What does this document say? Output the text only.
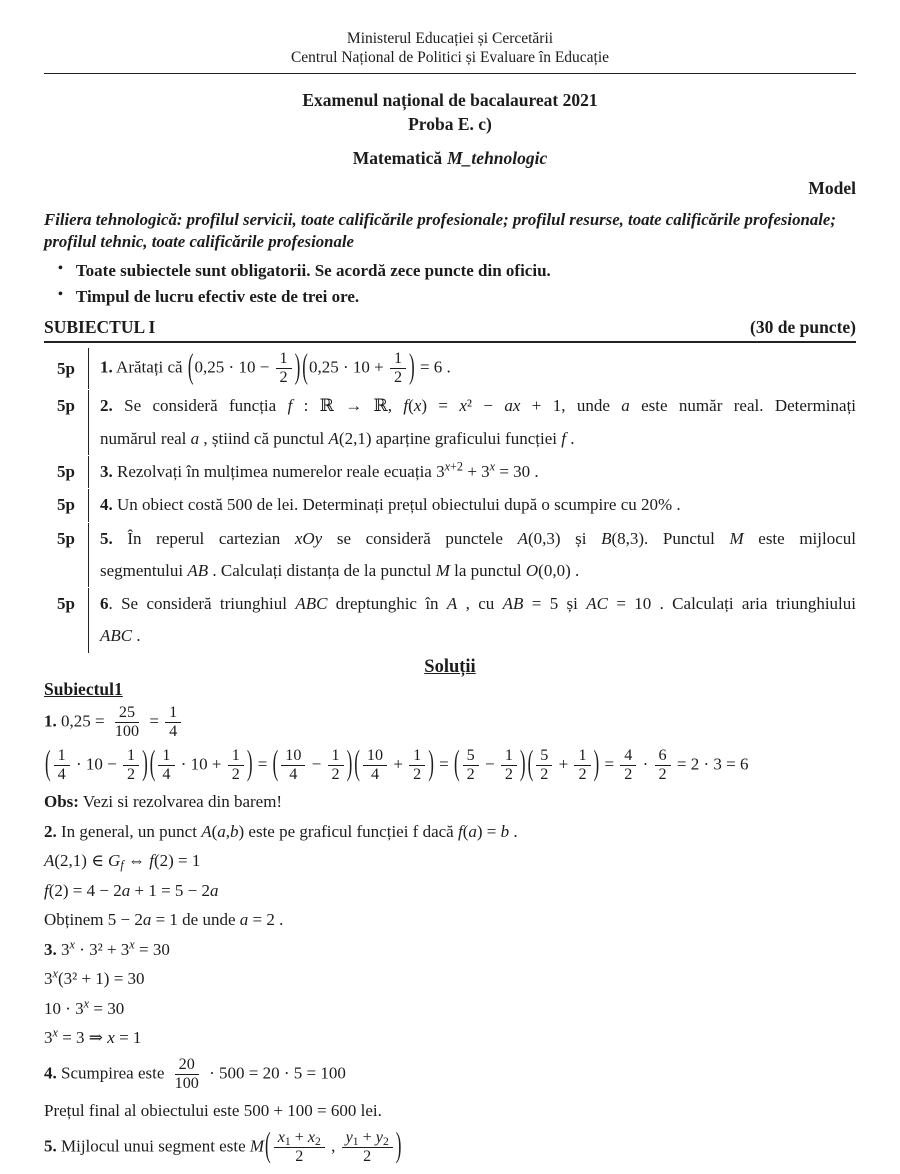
Ministerul Educației și Cercetării
Centrul Național de Politici și Evaluare în Educație
Examenul național de bacalaureat 2021
Proba E. c)
Matematică M_tehnologic
Model
Filiera tehnologică: profilul servicii, toate calificările profesionale; profilul resurse, toate calificările profesionale; profilul tehnic, toate calificările profesionale
• Toate subiectele sunt obligatorii. Se acordă zece puncte din oficiu.
• Timpul de lucru efectiv este de trei ore.
SUBIECTUL I	(30 de puncte)
5p	1. Arătați că ($0,25 \cdot 10 - \frac{1}{2}$ ) ($0,25 \cdot 10 + \frac{1}{2}$ ) = 6 .
5p	2. Se consideră funcția f : ℝ → ℝ, f(x) = x² − ax + 1, unde a este număr real. Determinați
numărul real a , știind că punctul A(2,1) aparține graficului funcției f .
5p	3. Rezolvați în mulțimea numerelor reale ecuația $3^{x+2} + 3^x = 30$ .
5p	4. Un obiect costă 500 de lei. Determinați prețul obiectului după o scumpire cu 20% .
5p	5. În reperul cartezian xOy se consideră punctele A(0,3) și B(8,3). Punctul M este mijlocul
segmentului AB . Calculați distanța de la punctul M la punctul O(0,0) .
5p	6. Se consideră triunghiul ABC dreptunghic în A , cu AB = 5 și AC = 10 . Calculați aria triunghiului
ABC .
Soluții
Subiectul1
1. $0,25 = \frac{25}{100} = \frac{1}{4}$
( $\frac{1}{4} \cdot 10 - \frac{1}{2}$ ) ( $\frac{1}{4} \cdot 10 + \frac{1}{2}$ ) = ( $\frac{10}{4} - \frac{1}{2}$ ) ( $\frac{10}{4} + \frac{1}{2}$ ) = ( $\frac{5}{2} - \frac{1}{2}$ ) ( $\frac{5}{2} + \frac{1}{2}$ ) = $\frac{4}{2} \cdot \frac{6}{2} = 2 \cdot 3 = 6$
Obs: Vezi si rezolvarea din barem!
2. In general, un punct A(a,b) este pe graficul funcției f dacă f(a) = b .
A(2,1) ∈ Gf ⇔ f(2) = 1
f(2) = 4 − 2a + 1 = 5 − 2a
Obținem 5 − 2a = 1 de unde a = 2 .
3. $3^x \cdot 3^2 + 3^x = 30$
$3^x(3^2 + 1) = 30$
$10 \cdot 3^x = 30$
$3^x = 3$ ⇒ x = 1
4. Scumpirea este $\frac{20}{100} \cdot 500 = 20 \cdot 5 = 100$
Prețul final al obiectului este 500 + 100 = 600 lei.
5. Mijlocul unui segment este $M( \frac{x1 + x2}{2}$ , $\frac{y1 + y2}{2}$ )
